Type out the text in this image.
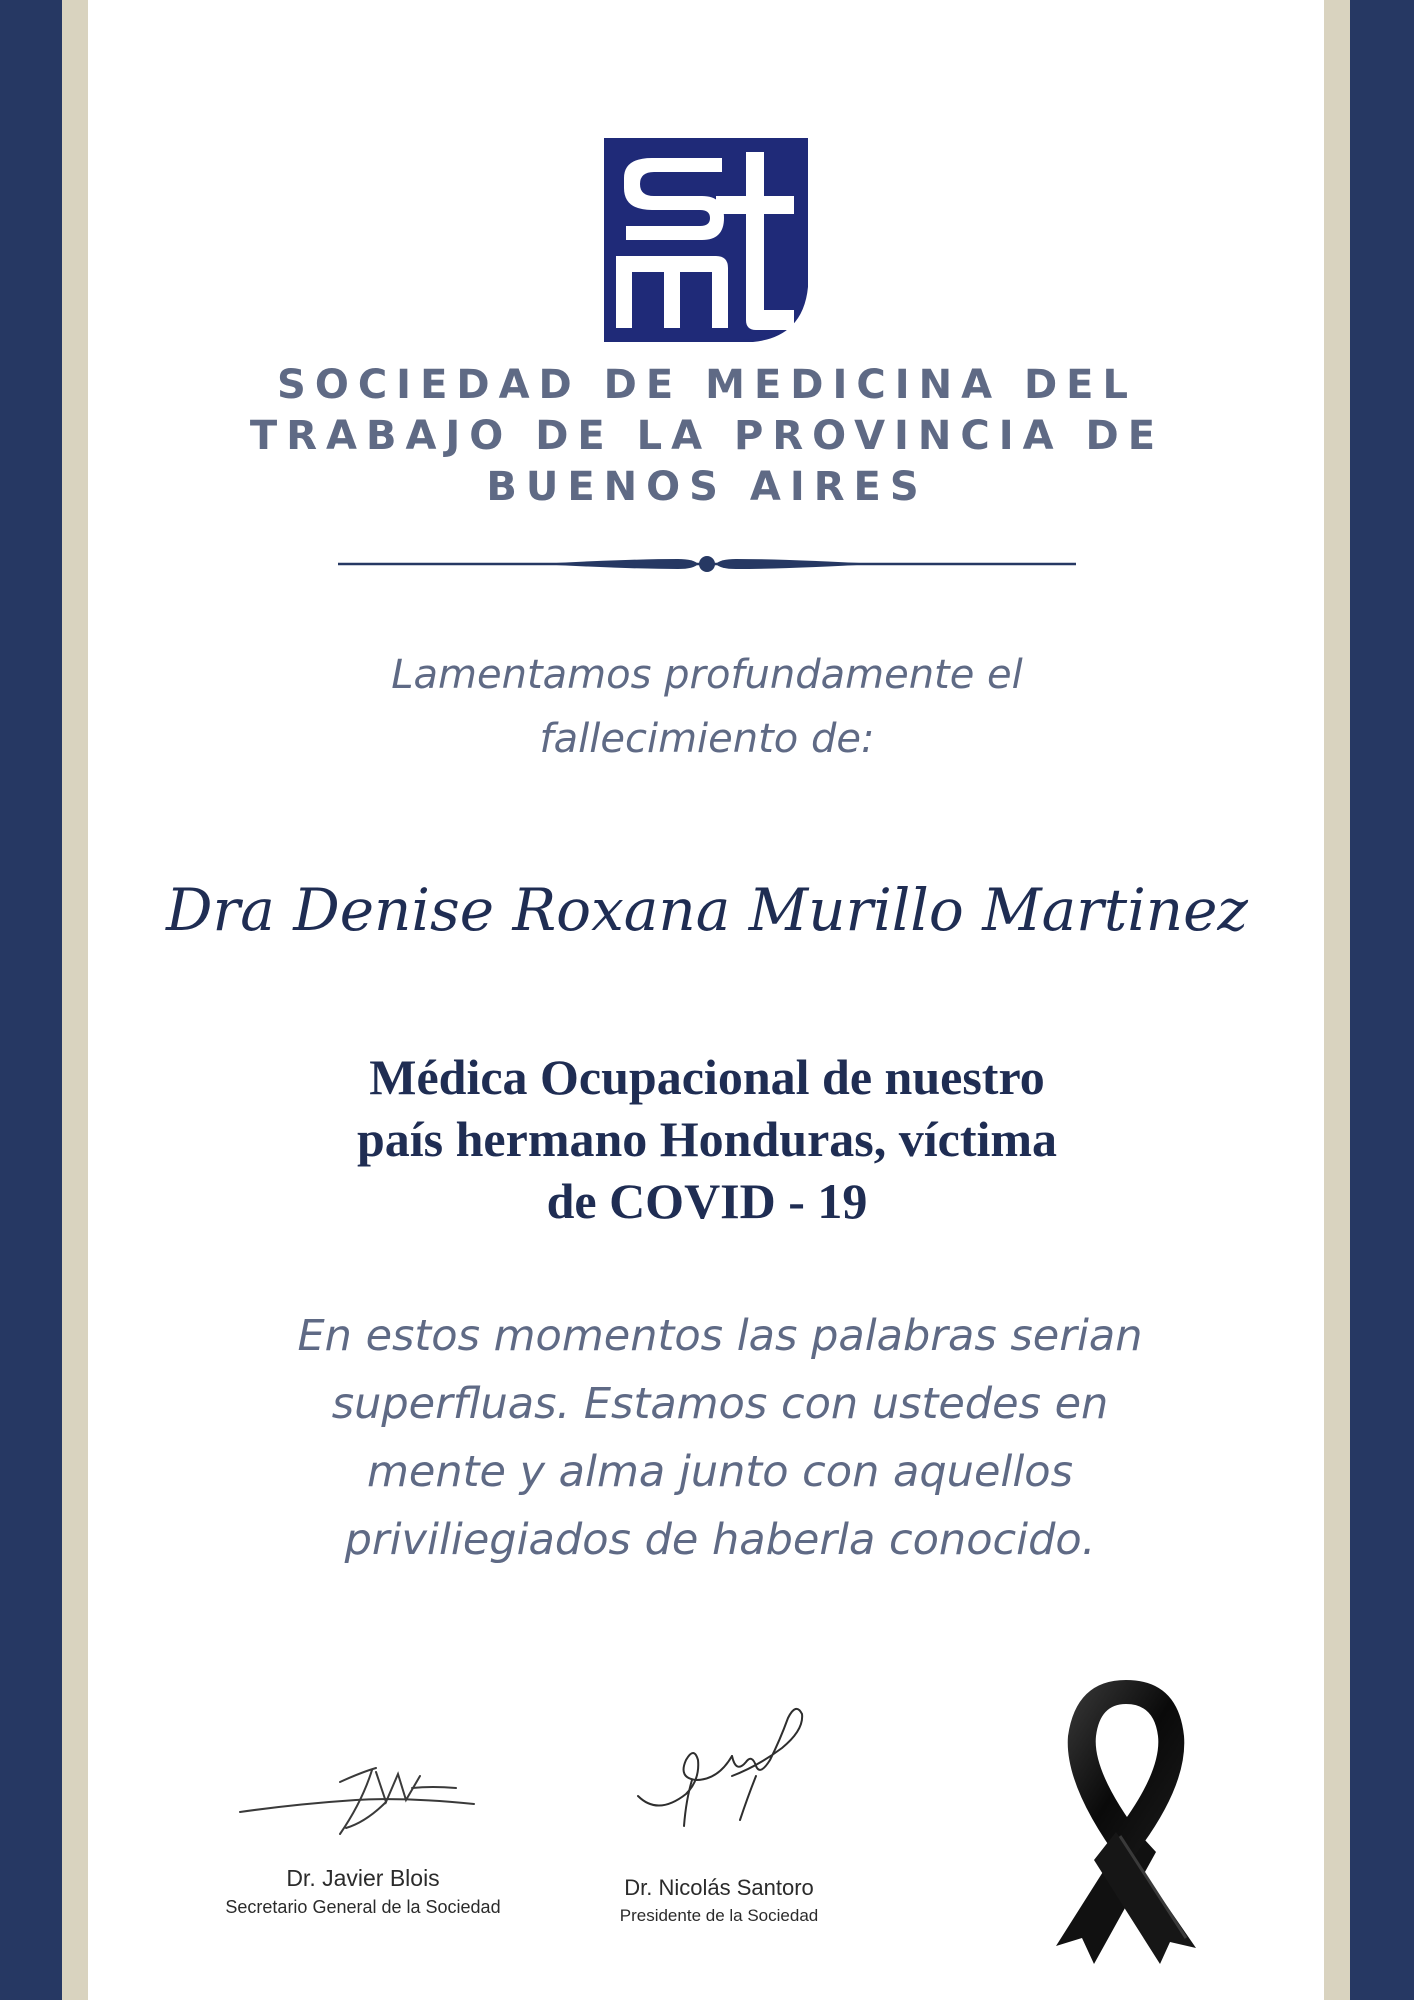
SOCIEDAD DE MEDICINA DEL
TRABAJO DE LA PROVINCIA DE
BUENOS AIRES
Lamentamos profundamente el
fallecimiento de:
Dra Denise Roxana Murillo Martinez
Médica Ocupacional de nuestro
país hermano Honduras, víctima
de COVID - 19
En estos momentos las palabras serian
superfluas. Estamos con ustedes en
mente y alma junto con aquellos
priviliegiados de haberla conocido.
Dr. Javier Blois
Secretario General de la Sociedad
Dr. Nicolás Santoro
Presidente de la Sociedad
